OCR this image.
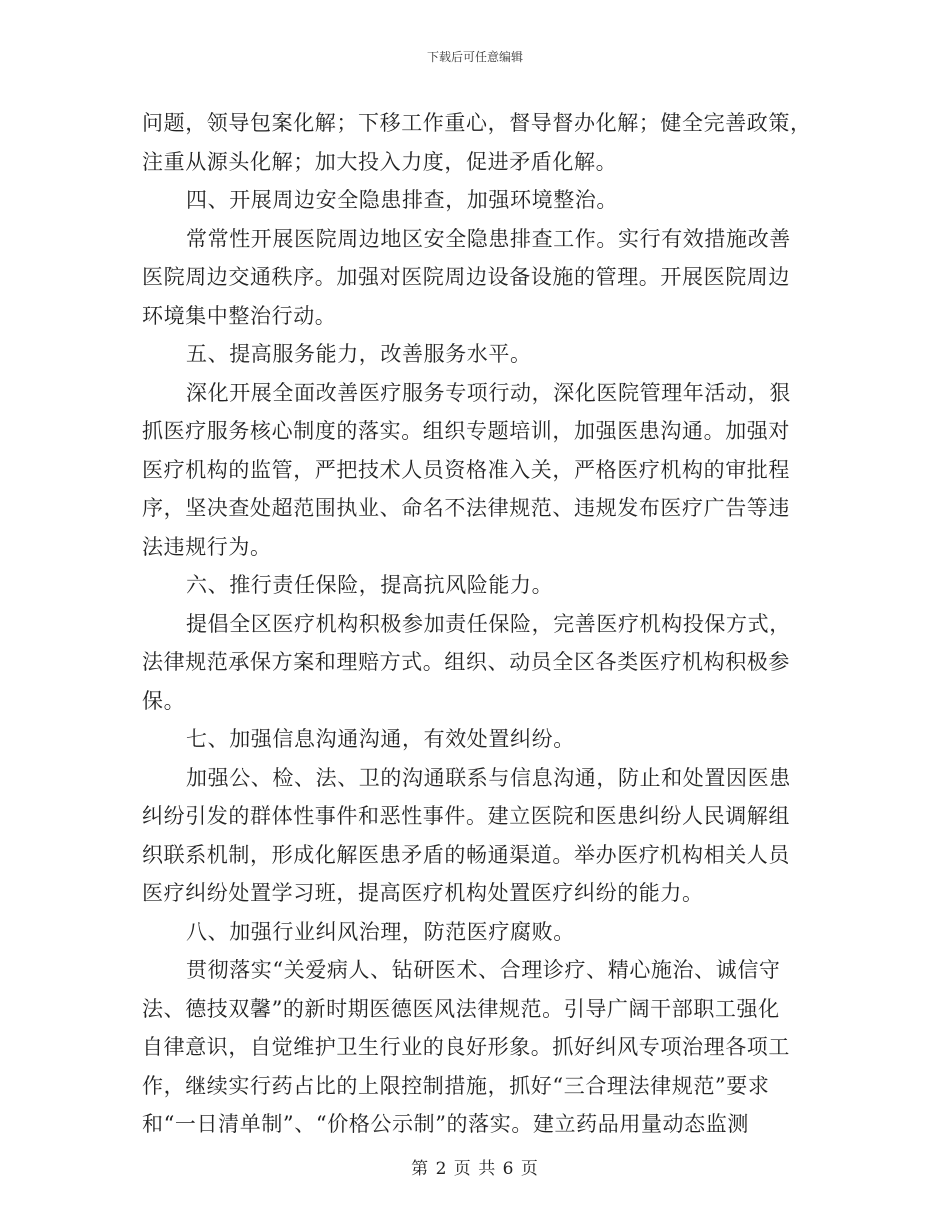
下载后可任意编辑
问题，领导包案化解；下移工作重心，督导督办化解；健全完善政策，
注重从源头化解；加大投入力度，促进矛盾化解。
四、开展周边安全隐患排查，加强环境整治。
常常性开展医院周边地区安全隐患排查工作。实行有效措施改善
医院周边交通秩序。加强对医院周边设备设施的管理。开展医院周边
环境集中整治行动。
五、提高服务能力，改善服务水平。
深化开展全面改善医疗服务专项行动，深化医院管理年活动，狠
抓医疗服务核心制度的落实。组织专题培训，加强医患沟通。加强对
医疗机构的监管，严把技术人员资格准入关，严格医疗机构的审批程
序，坚决查处超范围执业、命名不法律规范、违规发布医疗广告等违
法违规行为。
六、推行责任保险，提高抗风险能力。
提倡全区医疗机构积极参加责任保险，完善医疗机构投保方式，
法律规范承保方案和理赔方式。组织、动员全区各类医疗机构积极参
保。
七、加强信息沟通沟通，有效处置纠纷。
加强公、检、法、卫的沟通联系与信息沟通，防止和处置因医患
纠纷引发的群体性事件和恶性事件。建立医院和医患纠纷人民调解组
织联系机制，形成化解医患矛盾的畅通渠道。举办医疗机构相关人员
医疗纠纷处置学习班，提高医疗机构处置医疗纠纷的能力。
八、加强行业纠风治理，防范医疗腐败。
贯彻落实“关爱病人、钻研医术、合理诊疗、精心施治、诚信守
法、德技双馨”的新时期医德医风法律规范。引导广阔干部职工强化
自律意识，自觉维护卫生行业的良好形象。抓好纠风专项治理各项工
作，继续实行药占比的上限控制措施，抓好“三合理法律规范”要求
和“一日清单制”、“价格公示制”的落实。建立药品用量动态监测
第 2 页 共 6 页
